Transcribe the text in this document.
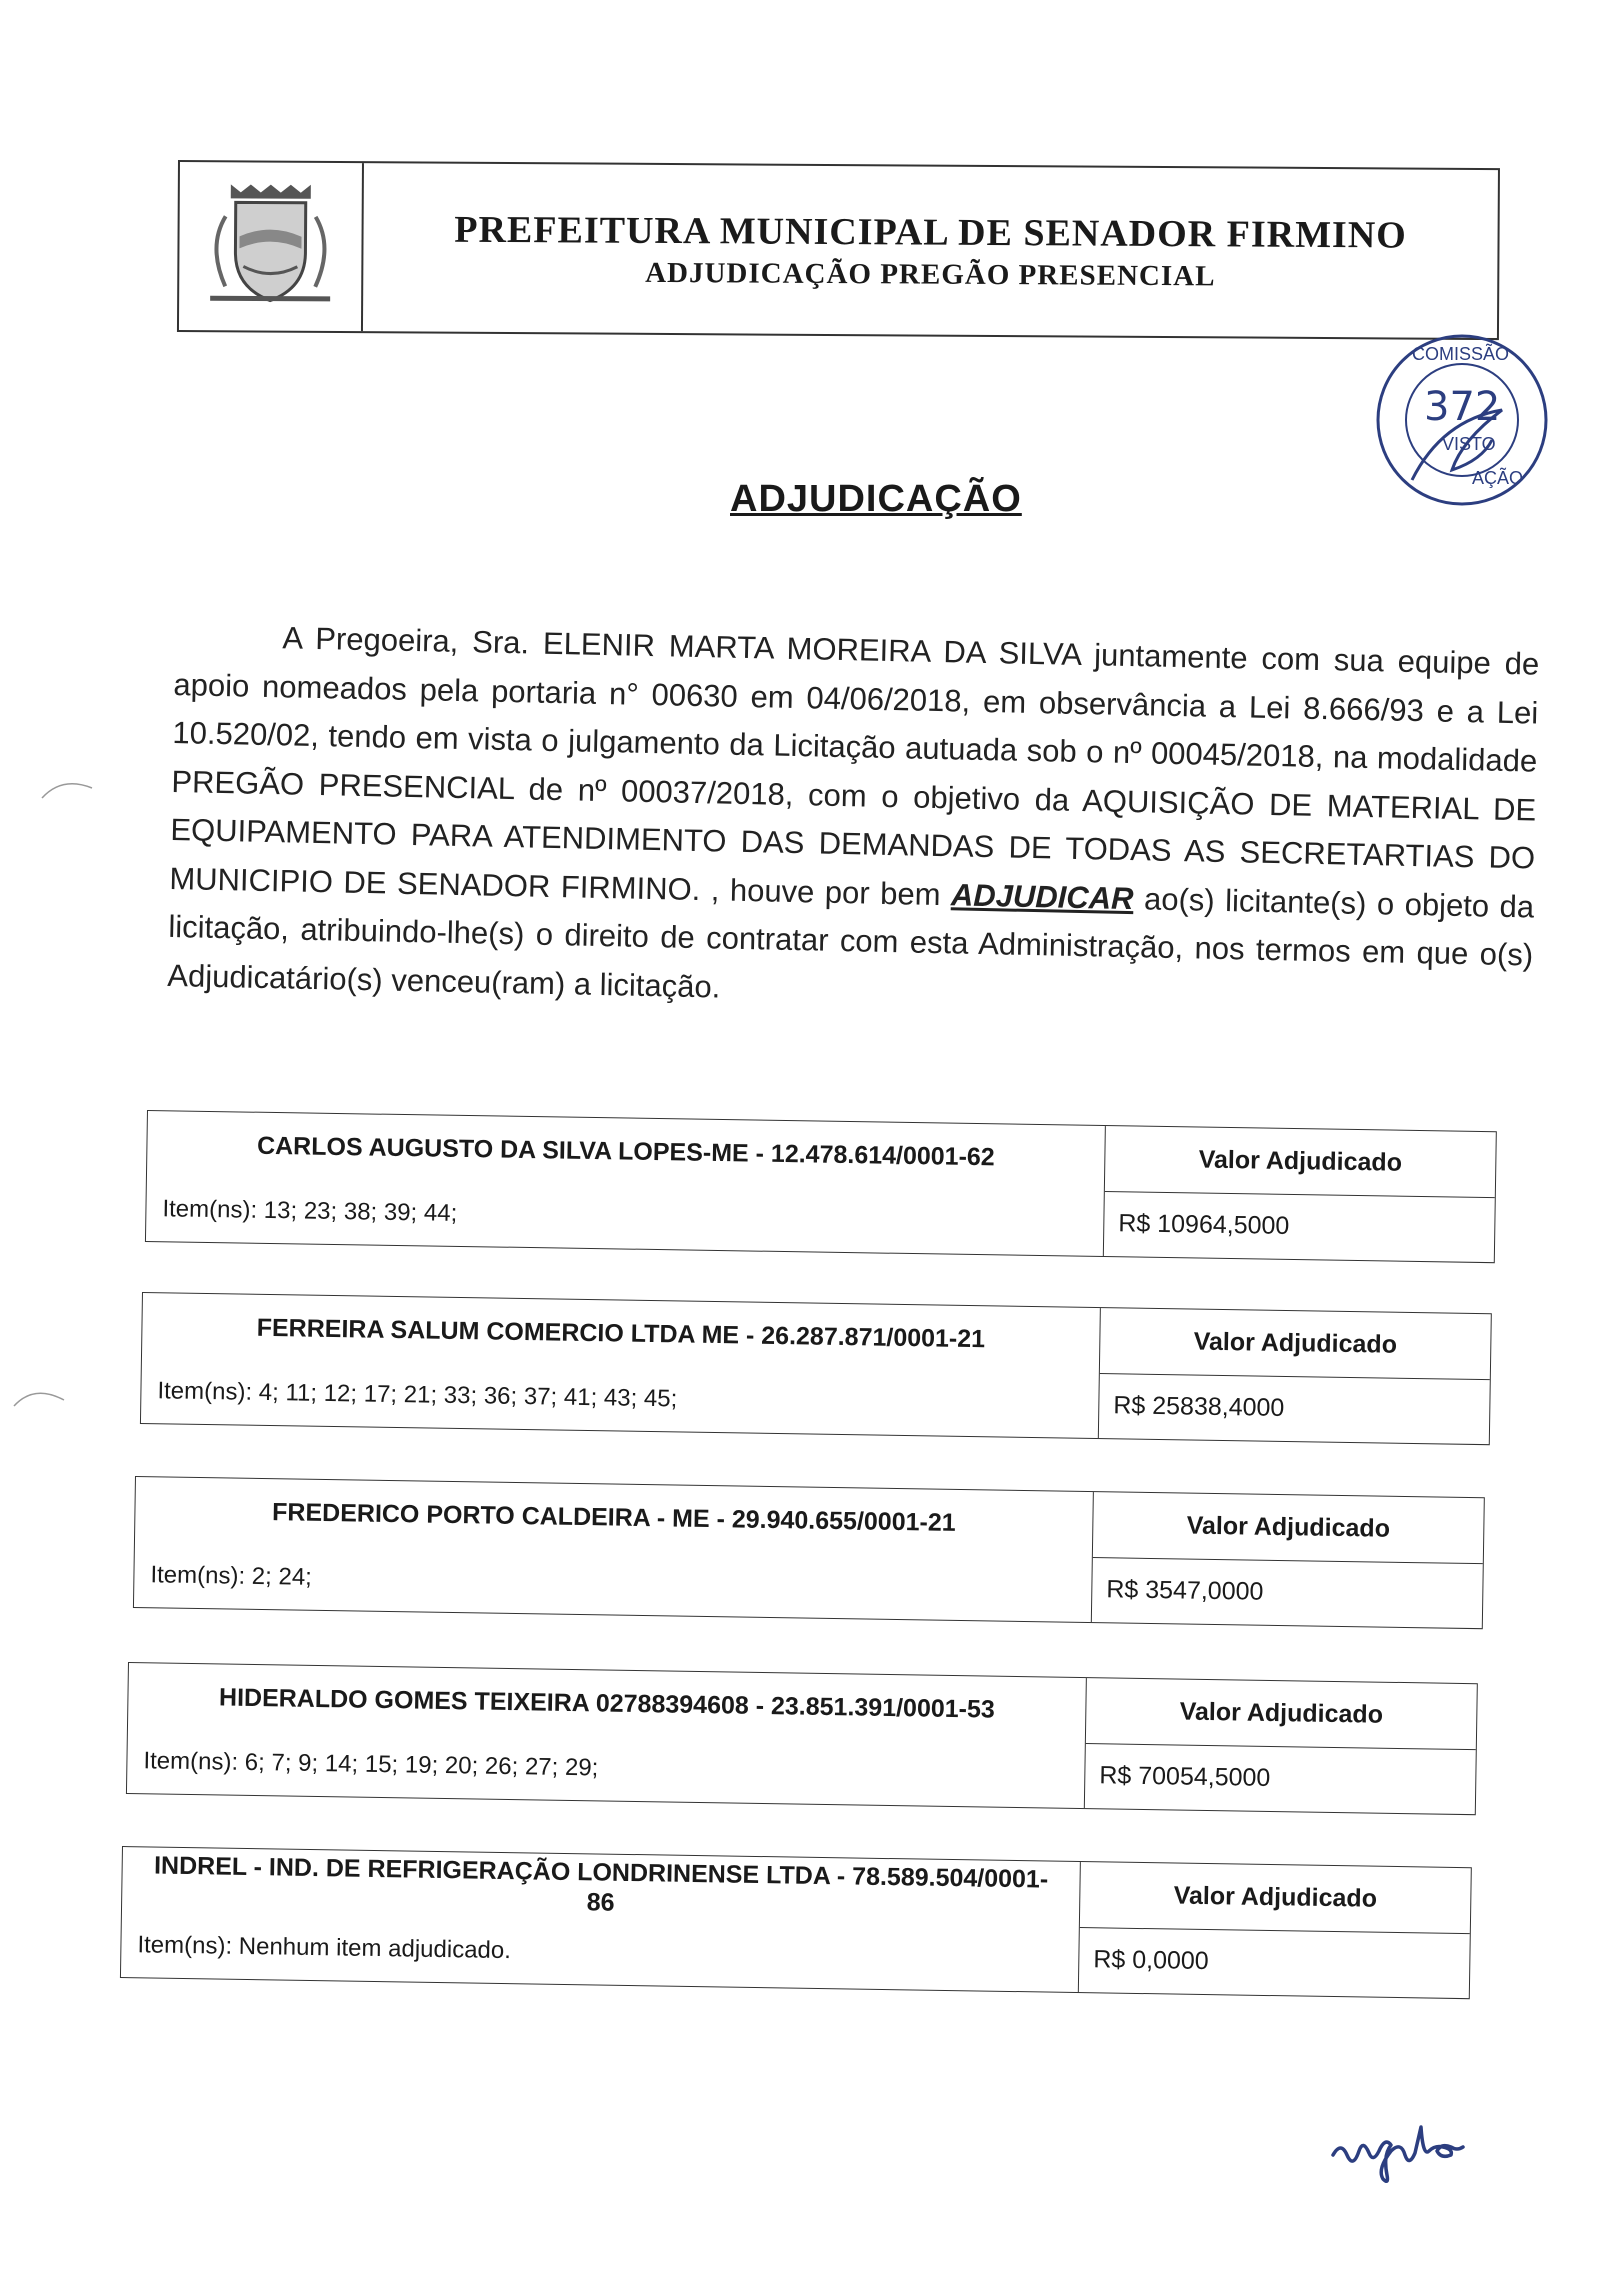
PREFEITURA MUNICIPAL DE SENADOR FIRMINO
ADJUDICAÇÃO PREGÃO PRESENCIAL
COMISSÃO
372
VISTO
AÇÃO
ADJUDICAÇÃO
A Pregoeira, Sra. ELENIR MARTA MOREIRA DA SILVA juntamente com sua equipe de apoio nomeados pela portaria n° 00630 em 04/06/2018, em observância a Lei 8.666/93 e a Lei 10.520/02, tendo em vista o julgamento da Licitação autuada sob o nº 00045/2018, na modalidade PREGÃO PRESENCIAL de nº 00037/2018, com o objetivo da AQUISIÇÃO DE MATERIAL DE EQUIPAMENTO PARA ATENDIMENTO DAS DEMANDAS DE TODAS AS SECRETARTIAS DO MUNICIPIO DE SENADOR FIRMINO. , houve por bem ADJUDICAR ao(s) licitante(s) o objeto da licitação, atribuindo-lhe(s) o direito de contratar com esta Administração, nos termos em que o(s) Adjudicatário(s) venceu(ram) a licitação.
CARLOS AUGUSTO DA SILVA LOPES-ME - 12.478.614/0001-62
Item(ns): 13; 23; 38; 39; 44;
Valor Adjudicado
R$ 10964,5000
FERREIRA SALUM COMERCIO LTDA ME - 26.287.871/0001-21
Item(ns): 4; 11; 12; 17; 21; 33; 36; 37; 41; 43; 45;
Valor Adjudicado
R$ 25838,4000
FREDERICO PORTO CALDEIRA - ME - 29.940.655/0001-21
Item(ns): 2; 24;
Valor Adjudicado
R$ 3547,0000
HIDERALDO GOMES TEIXEIRA 02788394608 - 23.851.391/0001-53
Item(ns): 6; 7; 9; 14; 15; 19; 20; 26; 27; 29;
Valor Adjudicado
R$ 70054,5000
INDREL - IND. DE REFRIGERAÇÃO LONDRINENSE LTDA - 78.589.504/0001-86
Item(ns): Nenhum item adjudicado.
Valor Adjudicado
R$ 0,0000
